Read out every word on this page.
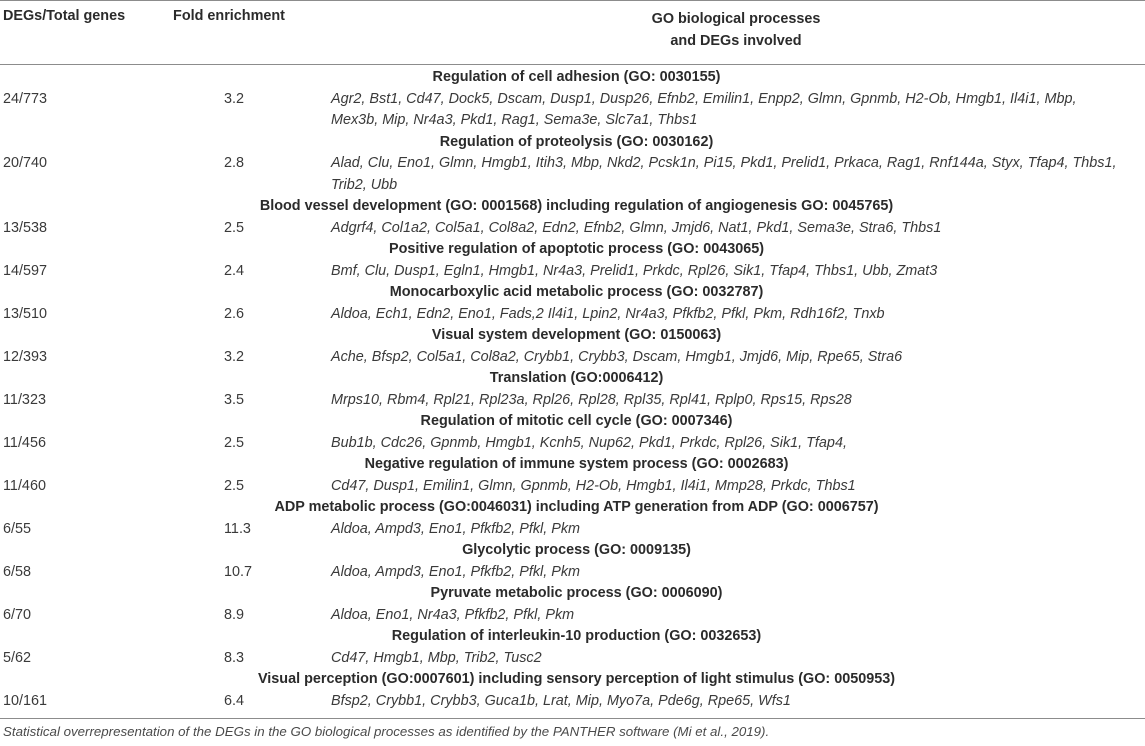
DEGs/Total genes	Fold enrichment	GO biological processes
and DEGs involved
Regulation of cell adhesion (GO: 0030155)
24/773	3.2	Agr2, Bst1, Cd47, Dock5, Dscam, Dusp1, Dusp26, Efnb2, Emilin1, Enpp2, Glmn, Gpnmb, H2-Ob, Hmgb1, Il4i1, Mbp,
Mex3b, Mip, Nr4a3, Pkd1, Rag1, Sema3e, Slc7a1, Thbs1
Regulation of proteolysis (GO: 0030162)
20/740	2.8	Alad, Clu, Eno1, Glmn, Hmgb1, Itih3, Mbp, Nkd2, Pcsk1n, Pi15, Pkd1, Prelid1, Prkaca, Rag1, Rnf144a, Styx, Tfap4, Thbs1,
Trib2, Ubb
Blood vessel development (GO: 0001568) including regulation of angiogenesis GO: 0045765)
13/538	2.5	Adgrf4, Col1a2, Col5a1, Col8a2, Edn2, Efnb2, Glmn, Jmjd6, Nat1, Pkd1, Sema3e, Stra6, Thbs1
Positive regulation of apoptotic process (GO: 0043065)
14/597	2.4	Bmf, Clu, Dusp1, Egln1, Hmgb1, Nr4a3, Prelid1, Prkdc, Rpl26, Sik1, Tfap4, Thbs1, Ubb, Zmat3
Monocarboxylic acid metabolic process (GO: 0032787)
13/510	2.6	Aldoa, Ech1, Edn2, Eno1, Fads,2 Il4i1, Lpin2, Nr4a3, Pfkfb2, Pfkl, Pkm, Rdh16f2, Tnxb
Visual system development (GO: 0150063)
12/393	3.2	Ache, Bfsp2, Col5a1, Col8a2, Crybb1, Crybb3, Dscam, Hmgb1, Jmjd6, Mip, Rpe65, Stra6
Translation (GO:0006412)
11/323	3.5	Mrps10, Rbm4, Rpl21, Rpl23a, Rpl26, Rpl28, Rpl35, Rpl41, Rplp0, Rps15, Rps28
Regulation of mitotic cell cycle (GO: 0007346)
11/456	2.5	Bub1b, Cdc26, Gpnmb, Hmgb1, Kcnh5, Nup62, Pkd1, Prkdc, Rpl26, Sik1, Tfap4,
Negative regulation of immune system process (GO: 0002683)
11/460	2.5	Cd47, Dusp1, Emilin1, Glmn, Gpnmb, H2-Ob, Hmgb1, Il4i1, Mmp28, Prkdc, Thbs1
ADP metabolic process (GO:0046031) including ATP generation from ADP (GO: 0006757)
6/55	11.3	Aldoa, Ampd3, Eno1, Pfkfb2, Pfkl, Pkm
Glycolytic process (GO: 0009135)
6/58	10.7	Aldoa, Ampd3, Eno1, Pfkfb2, Pfkl, Pkm
Pyruvate metabolic process (GO: 0006090)
6/70	8.9	Aldoa, Eno1, Nr4a3, Pfkfb2, Pfkl, Pkm
Regulation of interleukin-10 production (GO: 0032653)
5/62	8.3	Cd47, Hmgb1, Mbp, Trib2, Tusc2
Visual perception (GO:0007601) including sensory perception of light stimulus (GO: 0050953)
10/161	6.4	Bfsp2, Crybb1, Crybb3, Guca1b, Lrat, Mip, Myo7a, Pde6g, Rpe65, Wfs1
Statistical overrepresentation of the DEGs in the GO biological processes as identified by the PANTHER software (Mi et al., 2019).
